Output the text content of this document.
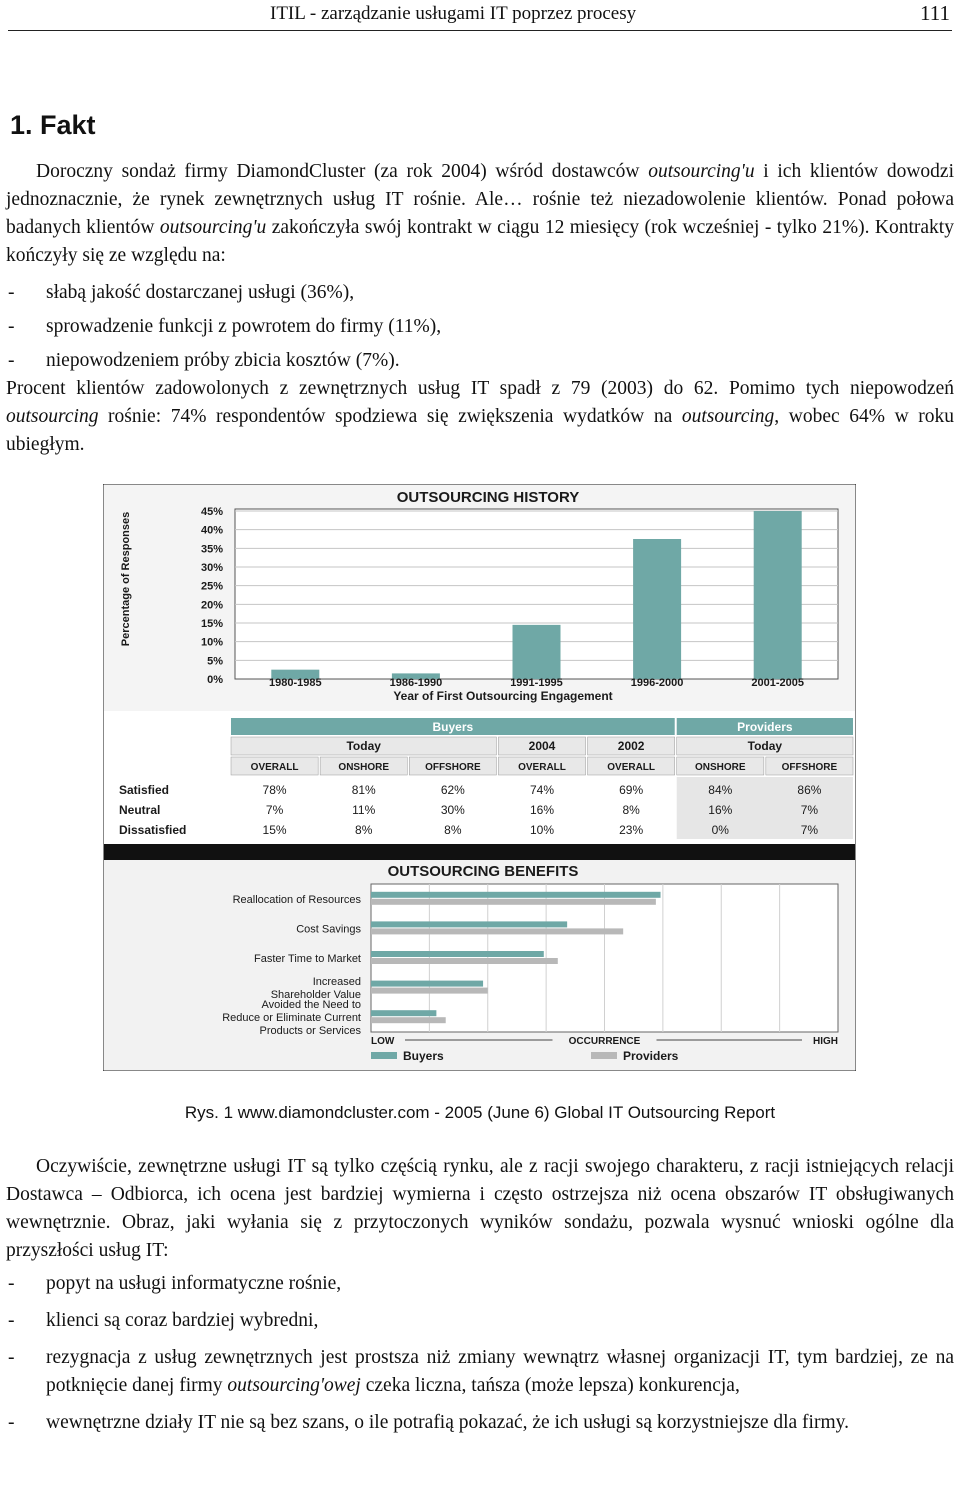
ITIL - zarządzanie usługami IT poprzez procesy	111
1. Fakt

Doroczny sondaż firmy DiamondCluster (za rok 2004) wśród dostawców outsourcing'u i ich klientów dowodzi jednoznacznie, że rynek zewnętrznych usług IT rośnie. Ale… rośnie też niezadowolenie klientów. Ponad połowa badanych klientów outsourcing'u zakończyła swój kontrakt w ciągu 12 miesięcy (rok wcześniej - tylko 21%). Kontrakty kończyły się ze względu na:

- słabą jakość dostarczanej usługi (36%),
- sprowadzenie funkcji z powrotem do firmy (11%),
- niepowodzeniem próby zbicia kosztów (7%).

Procent klientów zadowolonych z zewnętrznych usług IT spadł z 79 (2003) do 62. Pomimo tych niepowodzeń outsourcing rośnie: 74% respondentów spodziewa się zwiększenia wydatków na outsourcing, wobec 64% w roku ubiegłym.

OUTSOURCING HISTORY
Percentage of Responses	45%
40%
35%
30%
25%
20%
15%
10%
5%
0%	1980-1985	1986-1990	1991-1995	1996-2000	2001-2005
Year of First Outsourcing Engagement
Buyers	Providers
Today	2004	2002	Today
OVERALL	ONSHORE	OFFSHORE	OVERALL	OVERALL	ONSHORE	OFFSHORE
Satisfied	78%	81%	62%	74%	69%	84%	86%
Neutral	7%	11%	30%	16%	8%	16%	7%
Dissatisfied	15%	8%	8%	10%	23%	0%	7%
OUTSOURCING BENEFITS
Reallocation of Resources
Cost Savings
Faster Time to Market
Increased
Shareholder Value
Avoided the Need to
Reduce or Eliminate Current
Products or Services
LOW	OCCURRENCE	HIGH
Buyers	Providers
Rys. 1 www.diamondcluster.com - 2005 (June 6) Global IT Outsourcing Report

Oczywiście, zewnętrzne usługi IT są tylko częścią rynku, ale z racji swojego charakteru, z racji istniejących relacji Dostawca – Odbiorca, ich ocena jest bardziej wymierna i często ostrzejsza niż ocena obszarów IT obsługiwanych wewnętrznie. Obraz, jaki wyłania się z przytoczonych wyników sondażu, pozwala wysnuć wnioski ogólne dla przyszłości usług IT:

- popyt na usługi informatyczne rośnie,
- klienci są coraz bardziej wybredni,
- rezygnacja z usług zewnętrznych jest prostsza niż zmiany wewnątrz własnej organizacji IT, tym bardziej, ze na potknięcie danej firmy outsourcing'owej czeka liczna, tańsza (może lepsza) konkurencja,
- wewnętrzne działy IT nie są bez szans, o ile potrafią pokazać, że ich usługi są korzystniejsze dla firmy.
